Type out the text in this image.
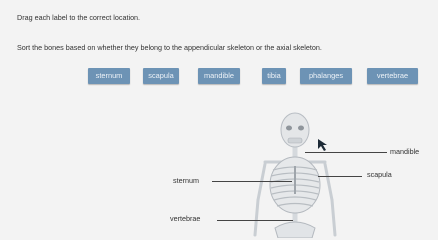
Drag each label to the correct location.
Sort the bones based on whether they belong to the appendicular skeleton or the axial skeleton.
sternum	scapula	mandible	tibia	phalanges	vertebrae
mandible
scapula
sternum
vertebrae
